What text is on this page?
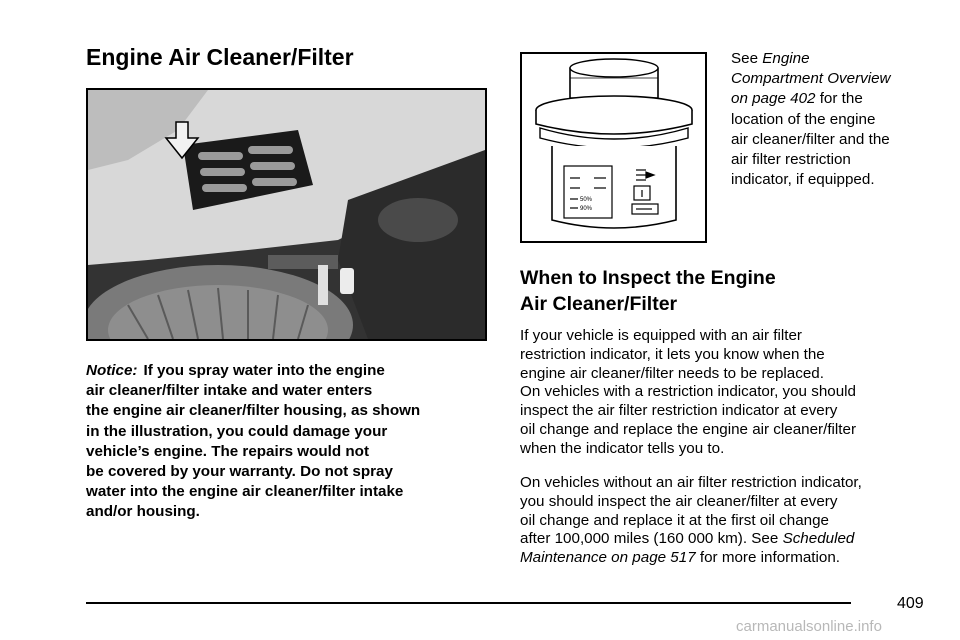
Engine Air Cleaner/Filter
Notice: If you spray water into the engine
air cleaner/filter intake and water enters
the engine air cleaner/filter housing, as shown
in the illustration, you could damage your
vehicle’s engine. The repairs would not
be covered by your warranty. Do not spray
water into the engine air cleaner/filter intake
and/or housing.
50%
90%
See Engine
Compartment Overview
on page 402 for the
location of the engine
air cleaner/filter and the
air filter restriction
indicator, if equipped.
When to Inspect the Engine
Air Cleaner/Filter
If your vehicle is equipped with an air filter
restriction indicator, it lets you know when the
engine air cleaner/filter needs to be replaced.
On vehicles with a restriction indicator, you should
inspect the air filter restriction indicator at every
oil change and replace the engine air cleaner/filter
when the indicator tells you to.
On vehicles without an air filter restriction indicator,
you should inspect the air cleaner/filter at every
oil change and replace it at the first oil change
after 100,000 miles (160 000 km). See Scheduled
Maintenance on page 517 for more information.
409
carmanualsonline.info
